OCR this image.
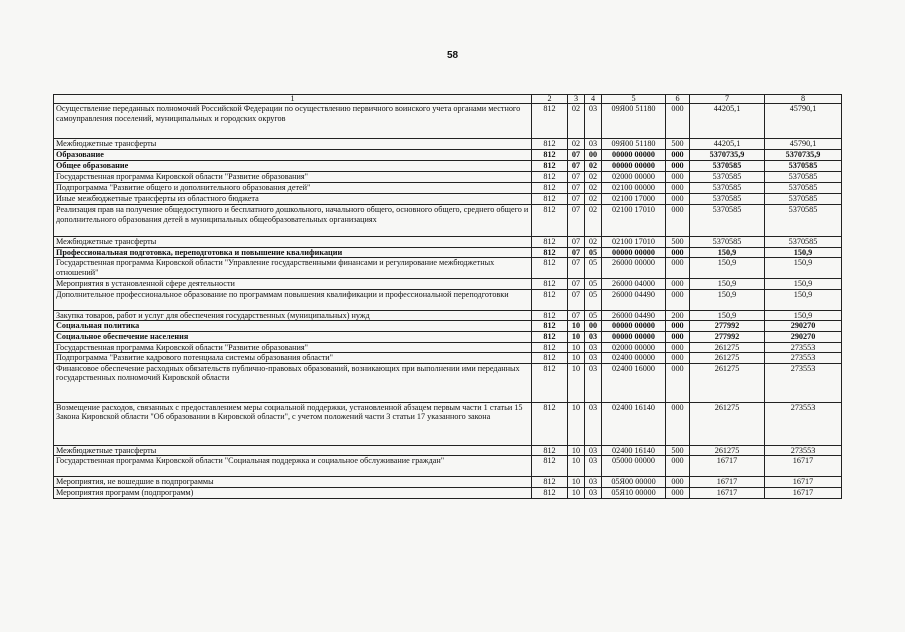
58
1	2	3	4	5	6	7	8
Осуществление переданных полномочий Российской Федерации по осуществлению первичного воинского учета органами местного самоуправления поселений, муниципальных и городских округов	812	02	03	09Я00 51180	000	44205,1	45790,1
Межбюджетные трансферты	812	02	03	09Я00 51180	500	44205,1	45790,1
Образование	812	07	00	00000 00000	000	5370735,9	5370735,9
Общее образование	812	07	02	00000 00000	000	5370585	5370585
Государственная программа Кировской области "Развитие образования"	812	07	02	02000 00000	000	5370585	5370585
Подпрограмма "Развитие общего и дополнительного образования детей"	812	07	02	02100 00000	000	5370585	5370585
Иные межбюджетные трансферты из областного бюджета	812	07	02	02100 17000	000	5370585	5370585
Реализация прав на получение общедоступного и бесплатного дошкольного, начального общего, основного общего, среднего общего и дополнительного образования детей в муниципальных общеобразовательных организациях	812	07	02	02100 17010	000	5370585	5370585
Межбюджетные трансферты	812	07	02	02100 17010	500	5370585	5370585
Профессиональная подготовка, переподготовка и повышение квалификации	812	07	05	00000 00000	000	150,9	150,9
Государственная программа Кировской области "Управление государственными финансами и регулирование межбюджетных отношений"	812	07	05	26000 00000	000	150,9	150,9
Мероприятия в установленной сфере деятельности	812	07	05	26000 04000	000	150,9	150,9
Дополнительное профессиональное образование по программам повышения квалификации и профессиональной переподготовки	812	07	05	26000 04490	000	150,9	150,9
Закупка товаров, работ и услуг для обеспечения государственных (муниципальных) нужд	812	07	05	26000 04490	200	150,9	150,9
Социальная политика	812	10	00	00000 00000	000	277992	290270
Социальное обеспечение населения	812	10	03	00000 00000	000	277992	290270
Государственная программа Кировской области "Развитие образования"	812	10	03	02000 00000	000	261275	273553
Подпрограмма "Развитие кадрового потенциала системы образования области"	812	10	03	02400 00000	000	261275	273553
Финансовое обеспечение расходных обязательств публично-правовых образований, возникающих при выполнении ими переданных государственных полномочий Кировской области	812	10	03	02400 16000	000	261275	273553
Возмещение расходов, связанных с предоставлением меры социальной поддержки, установленной абзацем первым части 1 статьи 15 Закона Кировской области "Об образовании в Кировской области", с учетом положений части 3 статьи 17 указанного закона	812	10	03	02400 16140	000	261275	273553
Межбюджетные трансферты	812	10	03	02400 16140	500	261275	273553
Государственная программа Кировской области "Социальная поддержка и социальное обслуживание граждан"	812	10	03	05000 00000	000	16717	16717
Мероприятия, не вошедшие в подпрограммы	812	10	03	05Я00 00000	000	16717	16717
Мероприятия программ (подпрограмм)	812	10	03	05Я10 00000	000	16717	16717
